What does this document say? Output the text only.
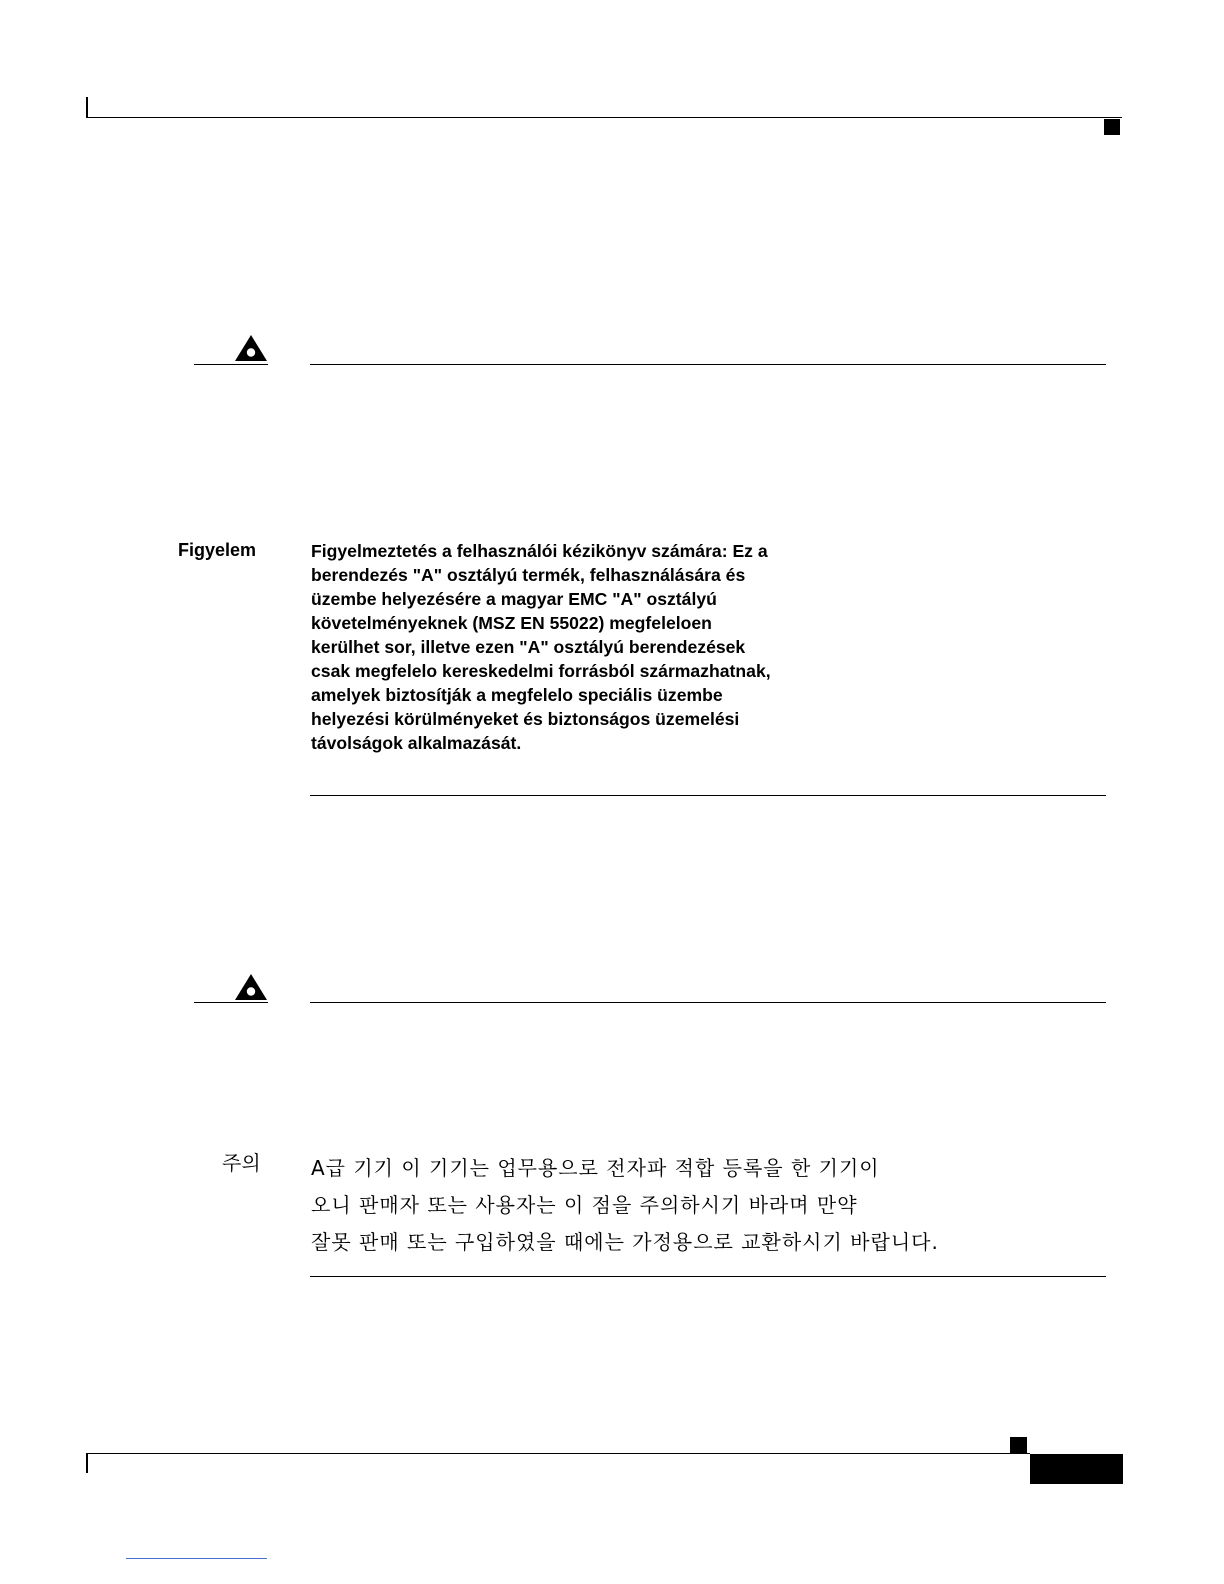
Figyelem	Figyelmeztetés a felhasználói kézikönyv számára: Ez a
berendezés "A" osztályú termék, felhasználására és
üzembe helyezésére a magyar EMC "A" osztályú
követelményeknek (MSZ EN 55022) megfeleloen
kerülhet sor, illetve ezen "A" osztályú berendezések
csak megfelelo kereskedelmi forrásból származhatnak,
amelyek biztosítják a megfelelo speciális üzembe
helyezési körülményeket és biztonságos üzemelési
távolságok alkalmazását.
주의	A급 기기 이 기기는 업무용으로 전자파 적합 등록을 한 기기이
오니 판매자 또는 사용자는 이 점을 주의하시기 바라며 만약
잘못 판매 또는 구입하였을 때에는 가정용으로 교환하시기 바랍니다.
